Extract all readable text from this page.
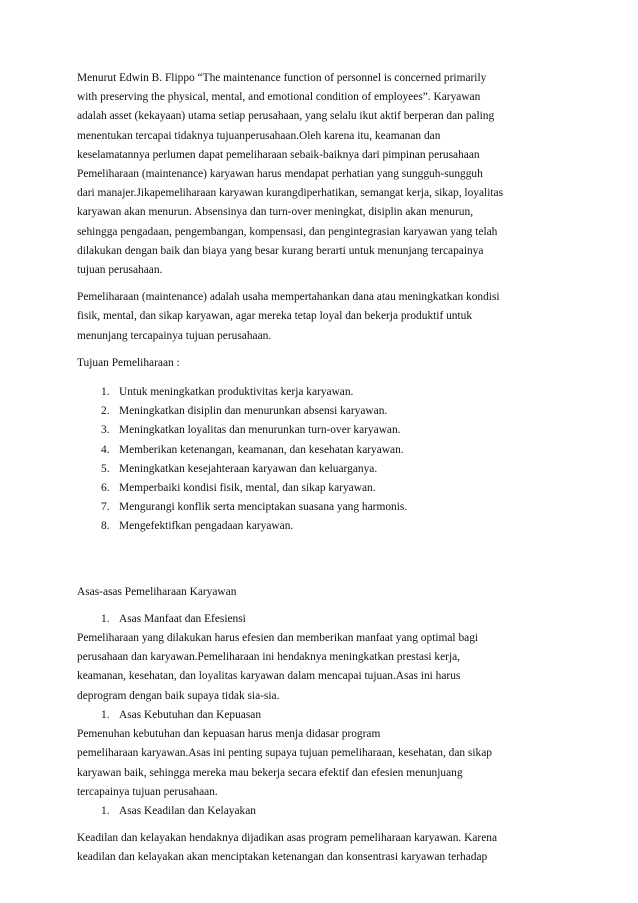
Menurut Edwin B. Flippo “The maintenance function of personnel is concerned primarily
with preserving the physical, mental, and emotional condition of employees”. Karyawan
adalah asset (kekayaan) utama setiap perusahaan, yang selalu ikut aktif berperan dan paling
menentukan tercapai tidaknya tujuanperusahaan.Oleh karena itu, keamanan dan
keselamatannya perlumen dapat pemeliharaan sebaik-baiknya dari pimpinan perusahaan
Pemeliharaan (maintenance) karyawan harus mendapat perhatian yang sungguh-sungguh
dari manajer.Jikapemeliharaan karyawan kurangdiperhatikan, semangat kerja, sikap, loyalitas
karyawan akan menurun. Absensinya dan turn-over meningkat, disiplin akan menurun,
sehingga pengadaan, pengembangan, kompensasi, dan pengintegrasian karyawan yang telah
dilakukan dengan baik dan biaya yang besar kurang berarti untuk menunjang tercapainya
tujuan perusahaan.
Pemeliharaan (maintenance) adalah usaha mempertahankan dana atau meningkatkan kondisi
fisik, mental, dan sikap karyawan, agar mereka tetap loyal dan bekerja produktif untuk
menunjang tercapainya tujuan perusahaan.
Tujuan Pemeliharaan :
1. Untuk meningkatkan produktivitas kerja karyawan.
2. Meningkatkan disiplin dan menurunkan absensi karyawan.
3. Meningkatkan loyalitas dan menurunkan turn-over karyawan.
4. Memberikan ketenangan, keamanan, dan kesehatan karyawan.
5. Meningkatkan kesejahteraan karyawan dan keluarganya.
6. Memperbaiki kondisi fisik, mental, dan sikap karyawan.
7. Mengurangi konflik serta menciptakan suasana yang harmonis.
8. Mengefektifkan pengadaan karyawan.
Asas-asas Pemeliharaan Karyawan
1. Asas Manfaat dan Efesiensi
Pemeliharaan yang dilakukan harus efesien dan memberikan manfaat yang optimal bagi
perusahaan dan karyawan.Pemeliharaan ini hendaknya meningkatkan prestasi kerja,
keamanan, kesehatan, dan loyalitas karyawan dalam mencapai tujuan.Asas ini harus
deprogram dengan baik supaya tidak sia-sia.
1. Asas Kebutuhan dan Kepuasan
Pemenuhan kebutuhan dan kepuasan harus menja didasar program
pemeliharaan karyawan.Asas ini penting supaya tujuan pemeliharaan, kesehatan, dan sikap
karyawan baik, sehingga mereka mau bekerja secara efektif dan efesien menunjuang
tercapainya tujuan perusahaan.
1. Asas Keadilan dan Kelayakan
Keadilan dan kelayakan hendaknya dijadikan asas program pemeliharaan karyawan. Karena
keadilan dan kelayakan akan menciptakan ketenangan dan konsentrasi karyawan terhadap
